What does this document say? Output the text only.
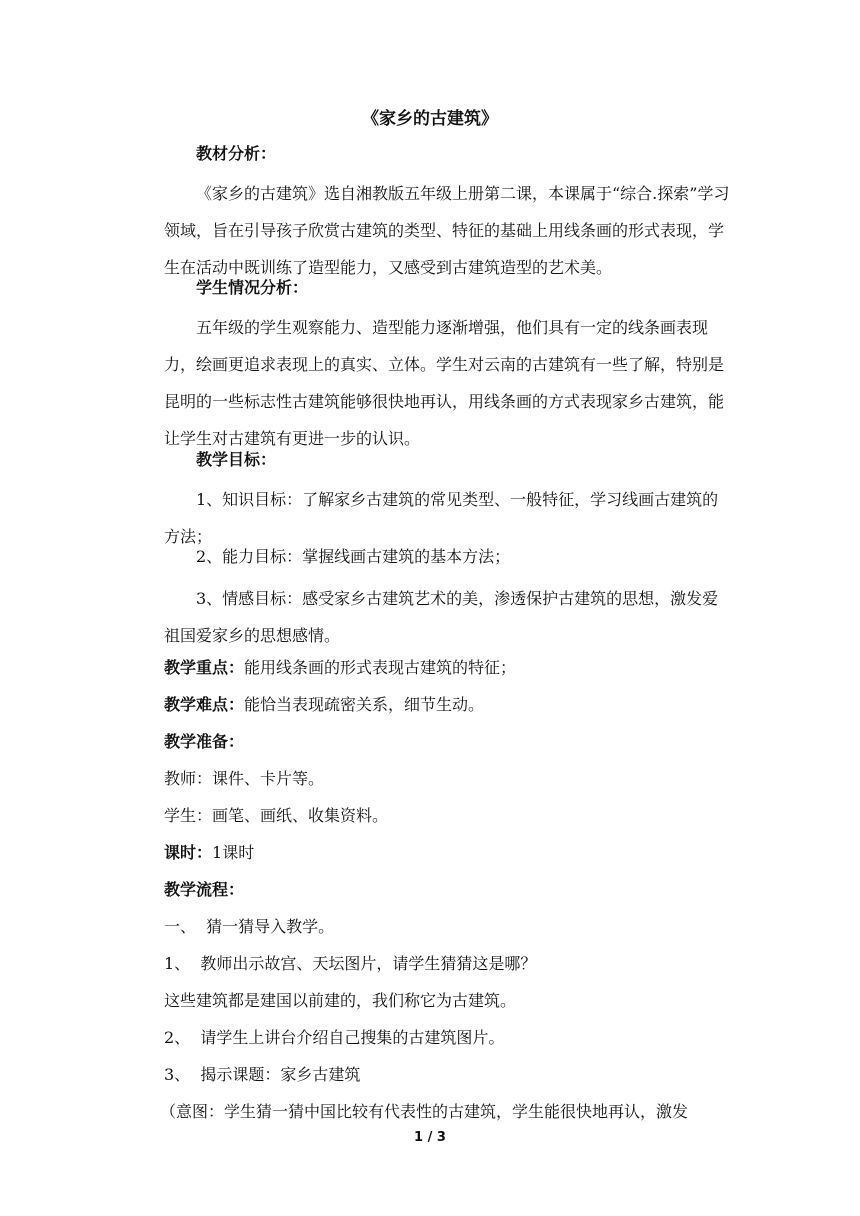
《家乡的古建筑》

教材分析：

《家乡的古建筑》选自湘教版五年级上册第二课，本课属于“综合.探索”学习领域，旨在引导孩子欣赏古建筑的类型、特征的基础上用线条画的形式表现，学生在活动中既训练了造型能力，又感受到古建筑造型的艺术美。

学生情况分析：

五年级的学生观察能力、造型能力逐渐增强，他们具有一定的线条画表现力，绘画更追求表现上的真实、立体。学生对云南的古建筑有一些了解，特别是昆明的一些标志性古建筑能够很快地再认，用线条画的方式表现家乡古建筑，能让学生对古建筑有更进一步的认识。

教学目标：

1、知识目标：了解家乡古建筑的常见类型、一般特征，学习线画古建筑的方法；

2、能力目标：掌握线画古建筑的基本方法；

3、情感目标：感受家乡古建筑艺术的美，渗透保护古建筑的思想，激发爱祖国爱家乡的思想感情。

教学重点：能用线条画的形式表现古建筑的特征；

教学难点：能恰当表现疏密关系，细节生动。

教学准备：

教师：课件、卡片等。

学生：画笔、画纸、收集资料。

课时：1课时

教学流程：

一、  猜一猜导入教学。

1、  教师出示故宫、天坛图片，请学生猜猜这是哪？

这些建筑都是建国以前建的，我们称它为古建筑。

2、  请学生上讲台介绍自己搜集的古建筑图片。

3、  揭示课题：家乡古建筑

（意图：学生猜一猜中国比较有代表性的古建筑，学生能很快地再认，激发

1 / 3
